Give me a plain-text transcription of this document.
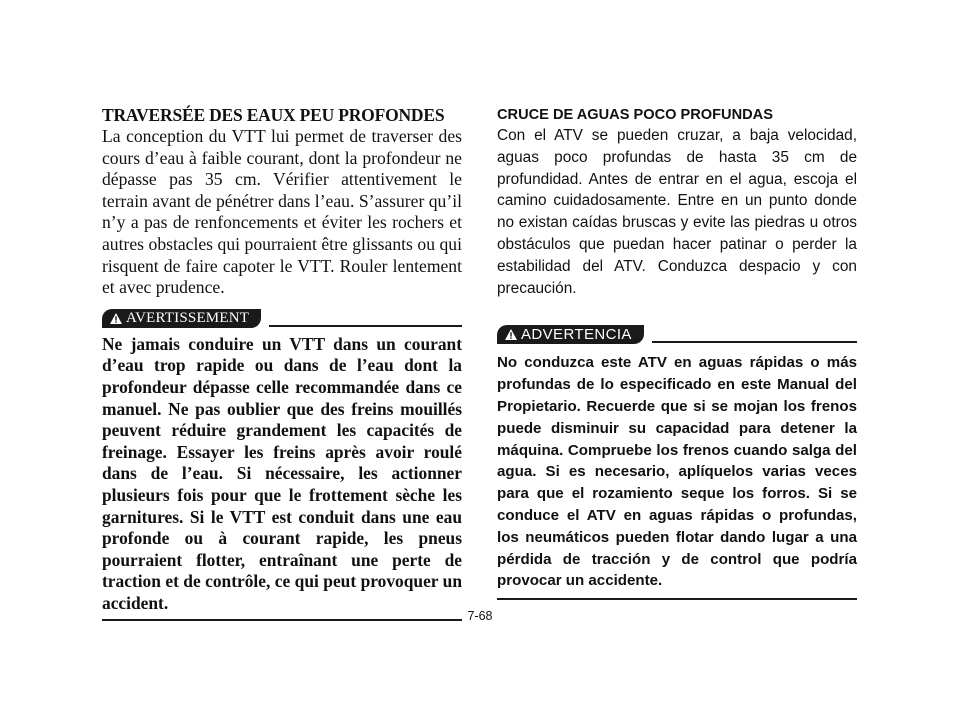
TRAVERSÉE DES EAUX PEU PROFONDES

La conception du VTT lui permet de traverser des cours d’eau à faible courant, dont la profondeur ne dépasse pas 35 cm. Vérifier attentivement le terrain avant de pénétrer dans l’eau. S’assurer qu’il n’y a pas de renfoncements et éviter les rochers et autres obstacles qui pourraient être glissants ou qui risquent de faire capoter le VTT. Rouler lentement et avec prudence.

AVERTISSEMENT

Ne jamais conduire un VTT dans un courant d’eau trop rapide ou dans de l’eau dont la profondeur dépasse celle recommandée dans ce manuel. Ne pas oublier que des freins mouillés peuvent réduire grandement les capacités de freinage. Essayer les freins après avoir roulé dans de l’eau. Si nécessaire, les actionner plusieurs fois pour que le frottement sèche les garnitures. Si le VTT est conduit dans une eau profonde ou à courant rapide, les pneus pourraient flotter, entraînant une perte de traction et de contrôle, ce qui peut provoquer un accident.

CRUCE DE AGUAS POCO PROFUNDAS

Con el ATV se pueden cruzar, a baja velocidad, aguas poco profundas de hasta 35 cm de profundidad. Antes de entrar en el agua, escoja el camino cuidadosamente. Entre en un punto donde no existan caídas bruscas y evite las piedras u otros obstáculos que puedan hacer patinar o perder la estabilidad del ATV. Conduzca despacio y con precaución.

ADVERTENCIA

No conduzca este ATV en aguas rápidas o más profundas de lo especificado en este Manual del Propietario. Recuerde que si se mojan los frenos puede disminuir su capacidad para detener la máquina. Compruebe los frenos cuando salga del agua. Si es necesario, aplíquelos varias veces para que el rozamiento seque los forros. Si se conduce el ATV en aguas rápidas o profundas, los neumáticos pueden flotar dando lugar a una pérdida de tracción y de control que podría provocar un accidente.

7-68
